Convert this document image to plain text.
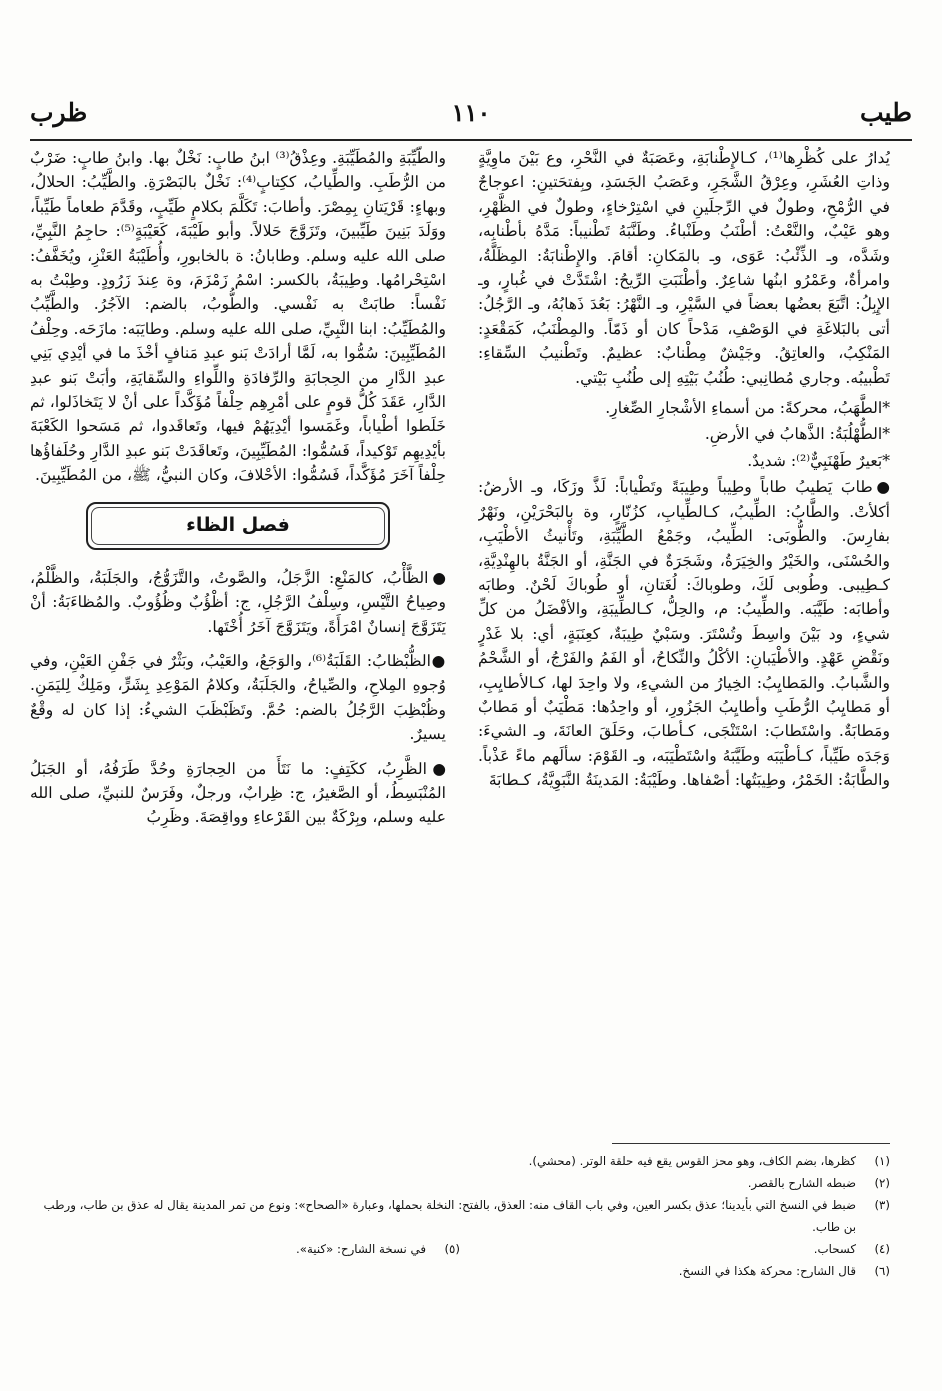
طيب
١١٠
ظرب

يُدارُ على كُظْرِها⁽¹⁾، كـالإِطْنابَةِ، وعَصَبَةٌ في النَّحْرِ، وع بَيْنَ ماوِيَّةٍ وذاتِ العُشَرِ، وعِرْقُ الشَّجَرِ، وعَصَبُ الجَسَدِ، وبِفتحَتينِ: اعوجاجٌ في الرُّمْحِ، وطولٌ في الرِّجلَينِ في اسْتِرْخاءٍ، وطولٌ في الظَّهْرِ، وهو عَيْبٌ، والنَّعْتُ: أطْنَبُ وطَنْباءُ. وطَنَّبَهُ تَطْنيباً: مَدَّهُ بأطْنابِه، وشَدَّه، وـ الذِّئْبُ: عَوَى، وـ بالمَكانِ: أقامَ. والإِطْنابَةُ: المِظَلَّةُ، وامرأةٌ، وعَمْرُو ابنُها شاعِرٌ. وأطْنَبَتِ الرِّيحُ: اشْتَدَّتْ في غُبارٍ، وـ الإِبِلُ: اتَّبَعَ بعضُها بعضاً في السَّيْرِ، وـ النَّهْرُ: بَعُدَ ذَهابُهُ، وـ الرَّجُلُ: أتى بالبَلاغَةِ في الوَصْفِ، مَدْحاً كان أو ذَمّاً. والمِطْنَبُ، كَمَقْعَدٍ: المَنْكِبُ، والعاتِقُ. وجَيْشٌ مِطْنابٌ: عظيمٌ. وتَطْنيبُ السِّقاءِ: تَطْبيبُه. وجاري مُطانِبي: طُنُبُ بَيْتِهِ إلى طُنُبِ بَيْتي.

*الطَّهَبُ، محركةً: من أسماءِ الأشْجارِ الصِّغارِ.

*الطُّهْلُبَةُ: الذَّهابُ في الأرضِ.

*بَعيرٌ طَهْنَبِيٌّ⁽²⁾: شديدٌ.

●طابَ يَطيبُ طاباً وطِيباً وطِيبَةً وتَطْياباً: لَذَّ وزَكَا، وـ الأرضُ: أكلأتْ. والطَّابُ: الطِّيبُ، كـالطِّيابِ، كزُنّارٍ، وة بالبَحْرَيْنِ، ونَهْرٌ بفارِسَ. والطُّوبَى: الطِّيبُ، وجَمْعُ الطَّيِّبَةِ، وتَأْنيثُ الأطْيَبِ، والحُسْنَى، والخَيْرُ والخِيَرَةُ، وشَجَرَةٌ في الجَنَّةِ، أو الجَنَّةُ بالهِنْدِيَّةِ، كـطِيبى. وطُوبى لَكَ، وطوباكَ: لُغَتانِ، أو طُوباكَ لَحْنٌ. وطابَه وأطابَه: طَيَّبَه. والطِّيبُ: م، والحِلُّ، كـالطِّيبَةِ، والأفْضَلُ من كلِّ شيءٍ، ود بَيْنَ واسِطَ وتُسْتَرَ. وسَبْيٌ طِيبَةٌ، كعِنَبَةٍ، أي: بلا غَدْرٍ ونَقْضِ عَهْدٍ. والأطْيَبانِ: الأكْلُ والنِّكاحُ، أو الفَمُ والفَرْجُ، أو الشَّحْمُ والشَّبابُ. والمَطايِبُ: الخِيارُ من الشيءِ، ولا واحِدَ لها، كـالأطايِبِ، أو مَطايِبُ الرُّطَبِ وأطايِبُ الجَزُورِ، أو واحِدُها: مَطْيَبٌ أو مَطابٌ ومَطابَةٌ. واسْتَطابَ: اسْتَنْجَى، كـأطابَ، وحَلَقَ العانَةَ، وـ الشيءَ: وَجَدَه طَيِّباً، كـأطْيَبَه وطَيَّبَهُ واسْتَطْيَبَه، وـ القَوْمَ: سألَهم ماءً عَذْباً. والطَّابَةُ: الخَمْرُ، وطِيبَتُها: أصْفاها. وطَيْبَةُ: المَدينَةُ النَّبَوِيَّةُ، كـطابَةَ

والطَّيِّبَةِ والمُطَيِّبَةِ. وعِذْقُ⁽³⁾ ابنُ طابٍ: نَخْلٌ بها. وابنُ طابٍ: ضَرْبٌ من الرُّطَبِ. والطِّيابُ، ككِتابٍ⁽⁴⁾: نَخْلٌ بالبَصْرَةِ. والطَّيِّبُ: الحلالُ، وبهاءٍ: قَرْيَتانِ بِمِصْرَ. وأطابَ: تَكَلَّمَ بكلامٍ طَيِّبٍ، وقَدَّمَ طعاماً طَيِّباً، ووَلَدَ بَنِينَ طَيِّبينَ، وتَزَوَّجَ حَلالاً. وأبو طَيْبَةَ، كَعَيْبَةٍ⁽⁵⁾: حاجِمُ النَّبِيِّ، صلى الله عليه وسلم. وطابانُ: ة بالخابورِ، وأُطَيْبَةُ العَنْزِ، ويُخَفَّفُ: اسْتِحْرامُها. وطِيبَةُ، بالكسر: اسْمُ زَمْزَمَ، وة عِندَ زَرُودٍ. وطِبْتُ به نَفْساً: طابَتْ به نَفْسي. والطُّوبُ، بالضم: الآجُرُ. والطَّيِّبُ والمُطَيِّبُ: ابنا النَّبِيِّ، صلى الله عليه وسلم. وطايَبَه: مازَحَه. وحِلْفُ المُطَيِّبِينَ: سُمُّوا به، لَمَّا أرادَتْ بَنو عبدِ مَنافٍ أخْذَ ما في أيْدِي بَنِي عبدِ الدَّارِ من الحِجابَةِ والرِّفادَةِ واللِّواءِ والسِّقايَةِ، وأبَتْ بَنو عبدِ الدَّارِ، عَقَدَ كُلُّ قومٍ على أمْرِهِم حِلْفاً مُؤَكَّداً على أنْ لا يَتَخاذَلوا، ثم خَلَطوا أطْياباً، وغَمَسوا أيْدِيَهُمْ فيها، وتَعاقَدوا، ثم مَسَحوا الكَعْبَةَ بأيْدِيهِم تَوْكيداً، فَسُمُّوا: المُطَيِّبِينَ، وتَعاقَدَتْ بَنو عبدِ الدَّارِ وحُلَفاؤُها حِلْفاً آخَرَ مُؤَكَّداً، فَسُمُّوا: الأحْلافَ، وكان النبيُّ، ﷺ، من المُطَيِّبِينَ.

فصل الظاء

●الظَّأْبُ، كالمَنْعِ: الزَّجَلُ، والصَّوتُ، والتَّزَوُّجُ، والجَلَبَةُ، والظَّلْمُ، وصِياحُ التَّيْسِ، وسِلْفُ الرَّجُلِ، ج: أظْؤُبٌ وظُؤُوبٌ. والمُظاءَبَةُ: أنْ يَتَزَوَّجَ إنسانٌ امْرَأَةً، ويَتَزَوَّجَ آخَرُ أُخْتَها.

●الظُّبْظابُ: القَلَبَةُ⁽⁶⁾، والوَجَعُ، والعَيْبُ، وبَثْرٌ في جَفْنِ العَيْنِ، وفي وُجوهِ المِلاحِ، والصِّياحُ، والجَلَبَةُ، وكلامُ المَوْعِدِ بِشَرٍّ، ومَلِكٌ لِليَمَنِ. وظُبْظِبَ الرَّجُلُ بالضم: حُمَّ. وتَظَبْظَبَ الشيءُ: إذا كان له وقْعٌ يسيرٌ.

●الظَّرِبُ، ككَتِفٍ: ما نَتَأَ من الحِجارَةِ وحُدَّ طَرَفُهُ، أو الجَبَلُ المُنْبَسِطُ، أو الصَّغيرُ، ج: ظِرابٌ، ورجلٌ، وفَرَسٌ للنبيِّ، صلى الله عليه وسلم، وبِرْكَةٌ بين القَرْعاءِ وواقِصَةَ. وظَرِبُ

(١)
كظرها، بضم الكاف، وهو محز القوس يقع فيه حلقة الوتر. (محشي).
(٢)
ضبطه الشارح بالقصر.
(٣)
ضبط في النسخ التي بأيدينا؛ عذق بكسر العين، وفي باب القاف منه: العذق، بالفتح: النخلة بحملها، وعبارة «الصحاح»: ونوع من تمر المدينة يقال له عذق بن طاب، ورطب بن طاب.
(٤)
كسحاب.
(٥)
في نسخة الشارح: «كنية».
(٦)
قال الشارح: محركة هكذا في النسخ.
